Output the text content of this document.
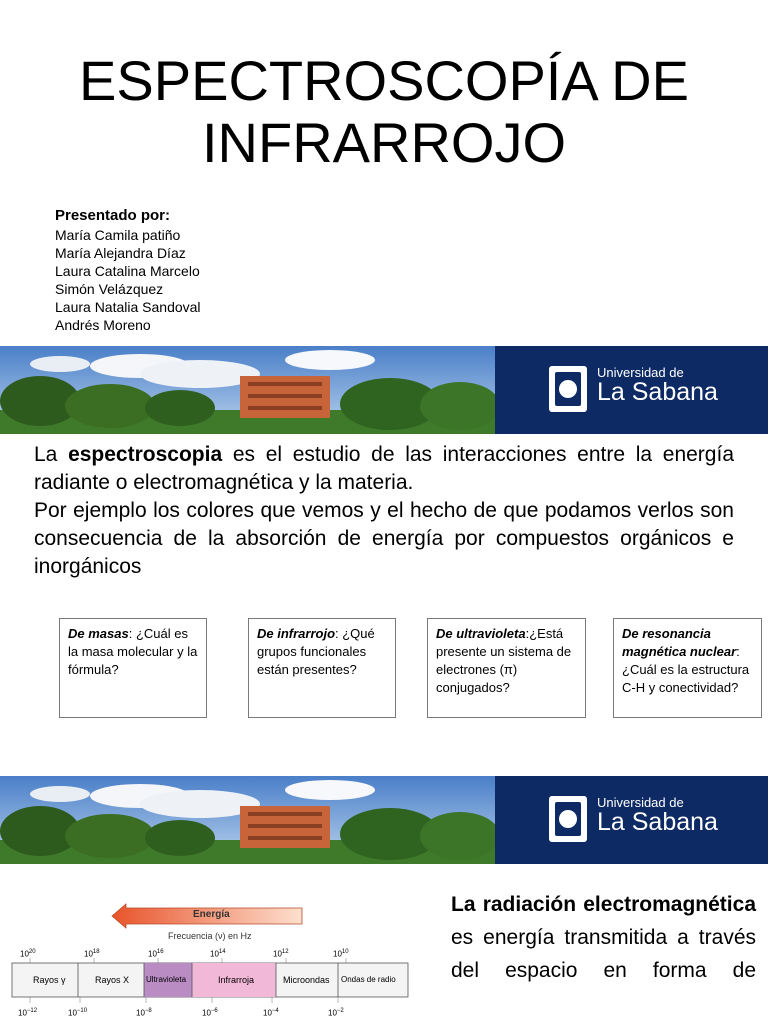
ESPECTROSCOPÍA DE
INFRARROJO
Presentado por:
María Camila patiño
María Alejandra Díaz
Laura Catalina Marcelo
Simón Velázquez
Laura Natalia Sandoval
Andrés Moreno
Universidad de
La Sabana
La espectroscopia es el estudio de las interacciones entre la energía radiante o electromagnética y la materia.
Por ejemplo los colores que vemos y el hecho de que podamos verlos son consecuencia de la absorción de energía por compuestos orgánicos e inorgánicos
De masas: ¿Cuál es la masa molecular y la fórmula?
De infrarrojo: ¿Qué grupos funcionales están presentes?
De ultravioleta:¿Está presente un sistema de electrones (π) conjugados?
De resonancia magnética nuclear:¿Cuál es la estructura C-H y conectividad?
Universidad de
La Sabana
Energía
Frecuencia (ν) en Hz
$10^{20}$	$10^{18}$	$10^{16}$	$10^{14}$	$10^{12}$	$10^{10}$
Rayos γ	Rayos X Ultravioleta	Infrarroja	Microondas Ondas de radio
$10^{-12}$	$10^{-10}$	$10^{-8}$	$10^{-6}$	$10^{-4}$	$10^{-2}$
La radiación electromagnética es energía transmitida a través del espacio en forma de
